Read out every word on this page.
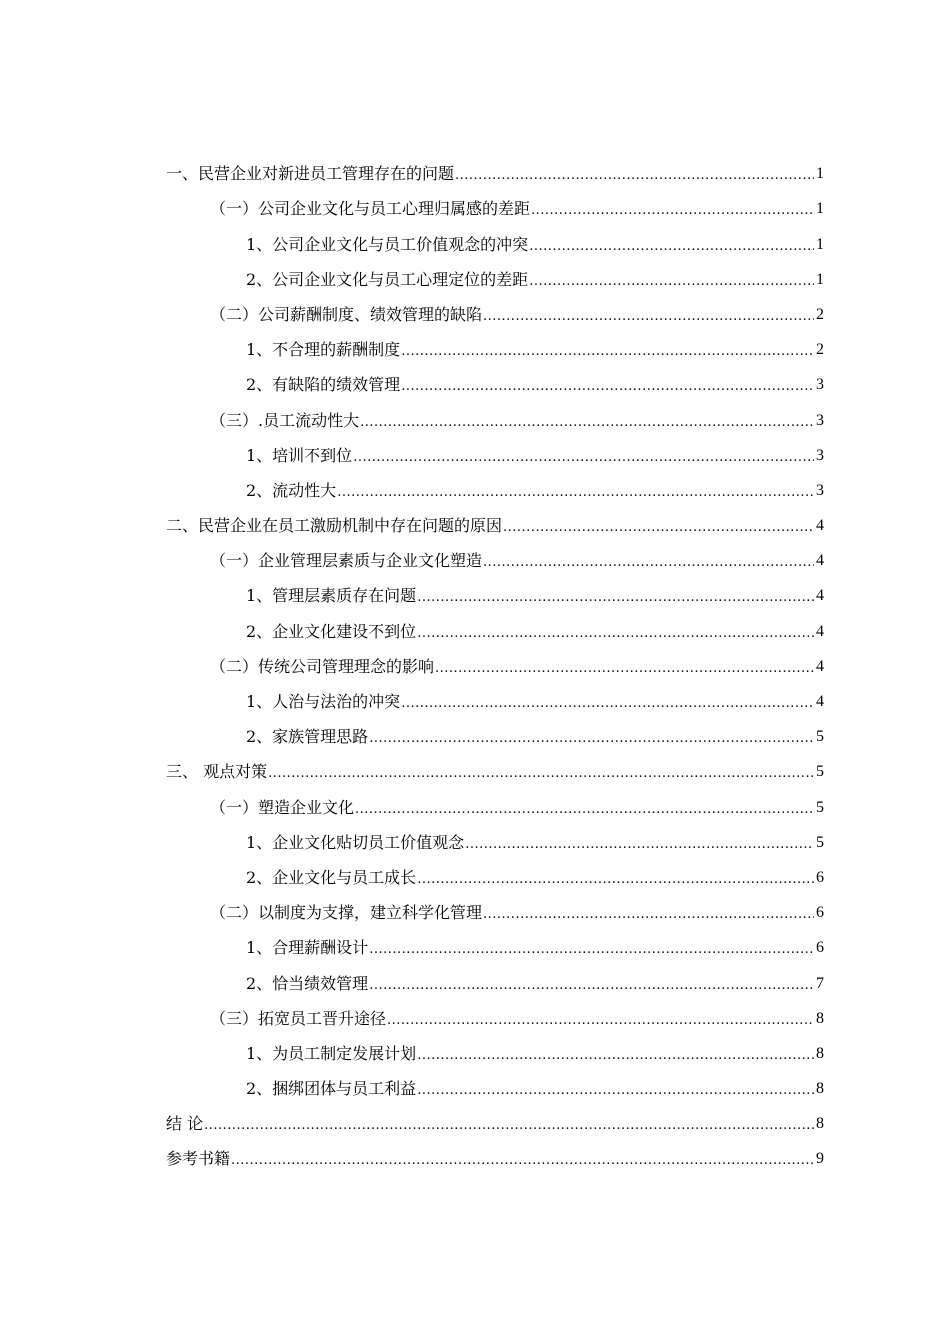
一、民营企业对新进员工管理存在的问题 .....	1
（一）公司企业文化与员工心理归属感的差距 .....	1
1、公司企业文化与员工价值观念的冲突 .....	1
2、公司企业文化与员工心理定位的差距 .....	1
（二）公司薪酬制度、绩效管理的缺陷 .....	2
1、不合理的薪酬制度 .....	2
2、有缺陷的绩效管理 .....	3
（三）.员工流动性大 .....	3
1、培训不到位 .....	3
2、流动性大 .....	3
二、民营企业在员工激励机制中存在问题的原因 .....	4
（一）企业管理层素质与企业文化塑造 .....	4
1、管理层素质存在问题 .....	4
2、企业文化建设不到位 .....	4
（二）传统公司管理理念的影响 .....	4
1、人治与法治的冲突 .....	4
2、家族管理思路 .....	5
三、 观点对策 .....	5
（一）塑造企业文化 .....	5
1、企业文化贴切员工价值观念 .....	5
2、企业文化与员工成长 .....	6
（二）以制度为支撑，建立科学化管理 .....	6
1、合理薪酬设计 .....	6
2、恰当绩效管理 .....	7
（三）拓宽员工晋升途径 .....	8
1、为员工制定发展计划 .....	8
2、捆绑团体与员工利益 .....	8
结 论 .....	8
参考书籍 .....	9
